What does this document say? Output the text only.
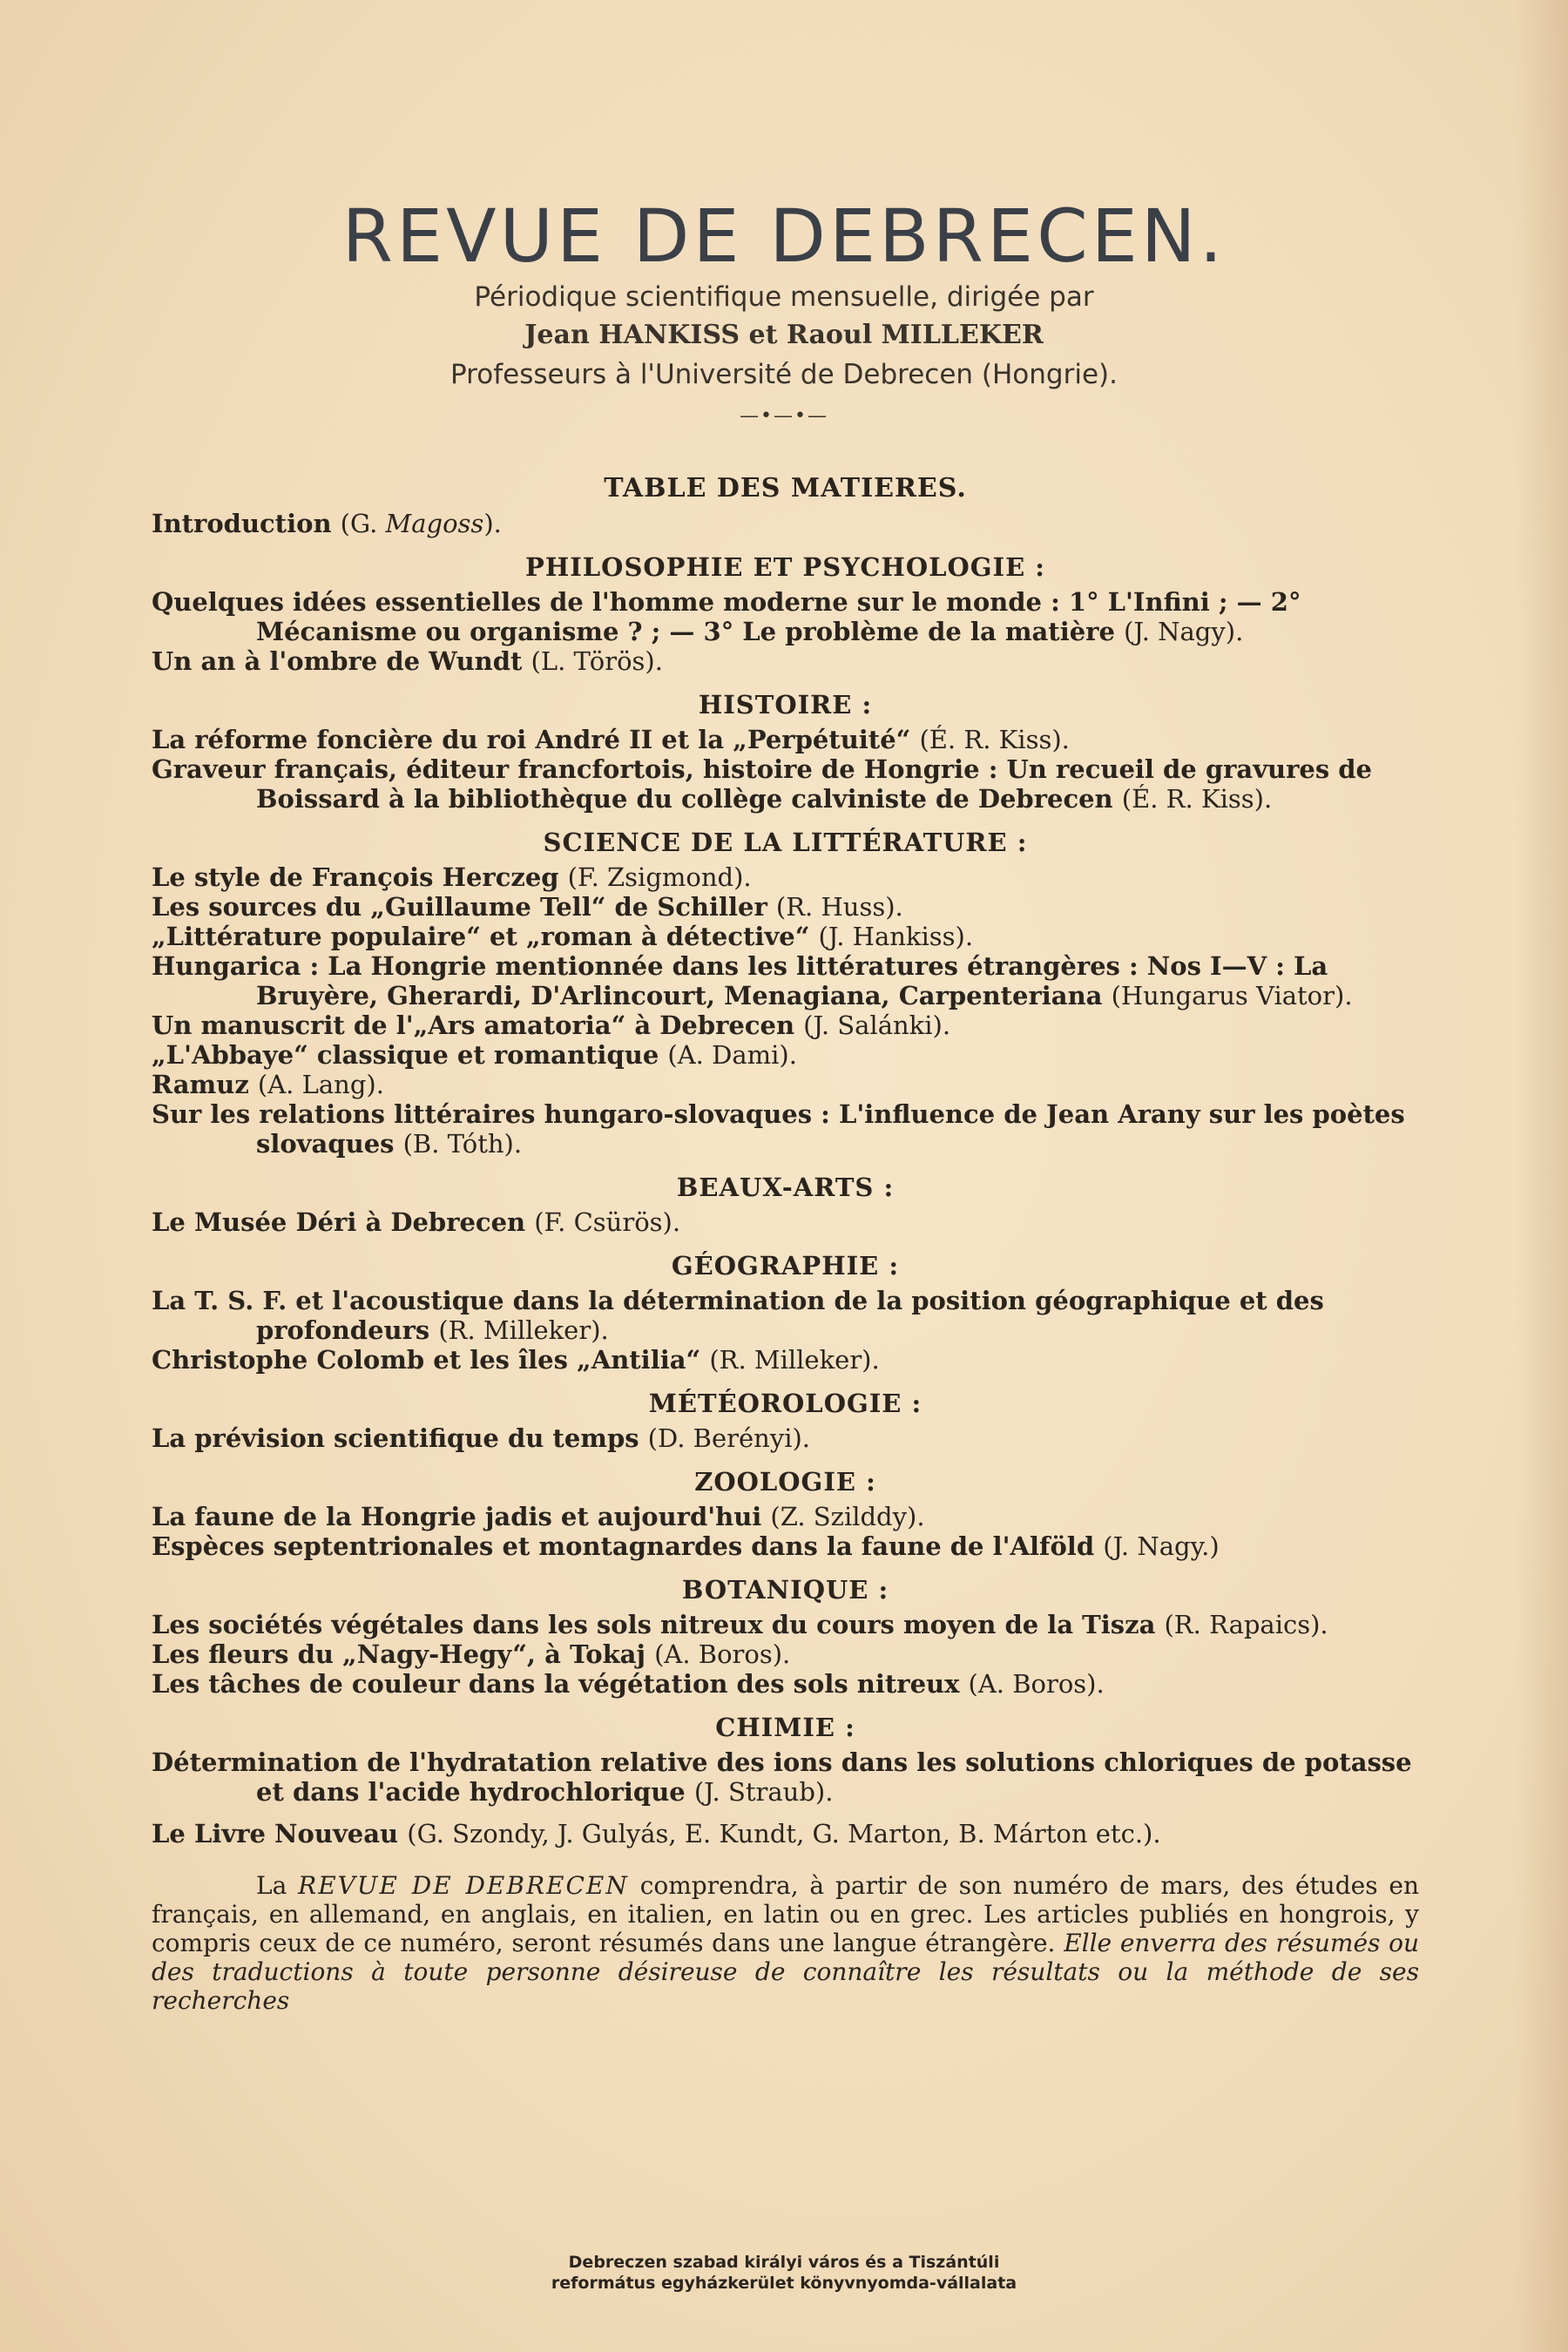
REVUE DE DEBRECEN.
Périodique scientifique mensuelle, dirigée par
Jean HANKISS et Raoul MILLEKER
Professeurs à l'Université de Debrecen (Hongrie).
—•—•—
TABLE DES MATIERES.

Introduction (G. Magoss).

PHILOSOPHIE ET PSYCHOLOGIE :

Quelques idées essentielles de l'homme moderne sur le monde : 1° L'Infini ; — 2° Mécanisme ou organisme ? ; — 3° Le problème de la matière (J. Nagy).

Un an à l'ombre de Wundt (L. Törös).

HISTOIRE :

La réforme foncière du roi André II et la „Perpétuité“ (É. R. Kiss).

Graveur français, éditeur francfortois, histoire de Hongrie : Un recueil de gravures de Boissard à la bibliothèque du collège calviniste de Debrecen (É. R. Kiss).

SCIENCE DE LA LITTÉRATURE :

Le style de François Herczeg (F. Zsigmond).

Les sources du „Guillaume Tell“ de Schiller (R. Huss).

„Littérature populaire“ et „roman à détective“ (J. Hankiss).

Hungarica : La Hongrie mentionnée dans les littératures étrangères : Nos I—V : La Bruyère, Gherardi, D'Arlincourt, Menagiana, Carpenteriana (Hungarus Viator).

Un manuscrit de l'„Ars amatoria“ à Debrecen (J. Salánki).

„L'Abbaye“ classique et romantique (A. Dami).

Ramuz (A. Lang).

Sur les relations littéraires hungaro-slovaques : L'influence de Jean Arany sur les poètes slovaques (B. Tóth).

BEAUX-ARTS :

Le Musée Déri à Debrecen (F. Csürös).

GÉOGRAPHIE :

La T. S. F. et l'acoustique dans la détermination de la position géographique et des profondeurs (R. Milleker).

Christophe Colomb et les îles „Antilia“ (R. Milleker).

MÉTÉOROLOGIE :

La prévision scientifique du temps (D. Berényi).

ZOOLOGIE :

La faune de la Hongrie jadis et aujourd'hui (Z. Szilddy).

Espèces septentrionales et montagnardes dans la faune de l'Alföld (J. Nagy.)

BOTANIQUE :

Les sociétés végétales dans les sols nitreux du cours moyen de la Tisza (R. Rapaics).

Les fleurs du „Nagy-Hegy“, à Tokaj (A. Boros).

Les tâches de couleur dans la végétation des sols nitreux (A. Boros).

CHIMIE :

Détermination de l'hydratation relative des ions dans les solutions chloriques de potasse et dans l'acide hydrochlorique (J. Straub).

Le Livre Nouveau (G. Szondy, J. Gulyás, E. Kundt, G. Marton, B. Márton etc.).

La REVUE DE DEBRECEN comprendra, à partir de son numéro de mars, des études en français, en allemand, en anglais, en italien, en latin ou en grec. Les articles publiés en hongrois, y compris ceux de ce numéro, seront résumés dans une langue étrangère. Elle enverra des résumés ou des traductions à toute personne désireuse de connaître les résultats ou la méthode de ses recherches

Debreczen szabad királyi város és a Tiszántúli
református egyházkerület könyvnyomda-vállalata
